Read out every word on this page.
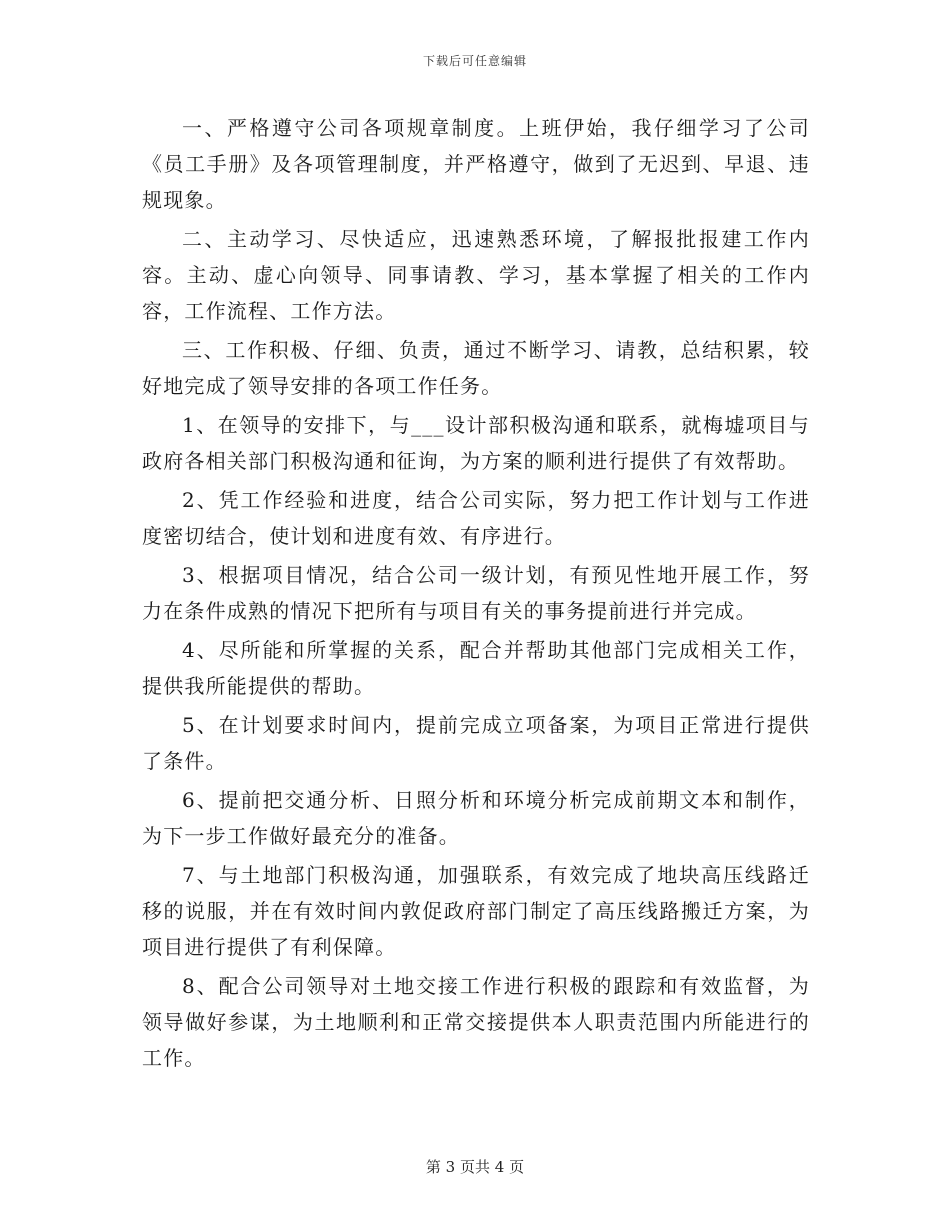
下载后可任意编辑

一、严格遵守公司各项规章制度。上班伊始，我仔细学习了公司《员工手册》及各项管理制度，并严格遵守，做到了无迟到、早退、违规现象。

二、主动学习、尽快适应，迅速熟悉环境，了解报批报建工作内容。主动、虚心向领导、同事请教、学习，基本掌握了相关的工作内容，工作流程、工作方法。

三、工作积极、仔细、负责，通过不断学习、请教，总结积累，较好地完成了领导安排的各项工作任务。

1、在领导的安排下，与___设计部积极沟通和联系，就梅墟项目与政府各相关部门积极沟通和征询，为方案的顺利进行提供了有效帮助。

2、凭工作经验和进度，结合公司实际，努力把工作计划与工作进度密切结合，使计划和进度有效、有序进行。

3、根据项目情况，结合公司一级计划，有预见性地开展工作，努力在条件成熟的情况下把所有与项目有关的事务提前进行并完成。

4、尽所能和所掌握的关系，配合并帮助其他部门完成相关工作，提供我所能提供的帮助。

5、在计划要求时间内，提前完成立项备案，为项目正常进行提供了条件。

6、提前把交通分析、日照分析和环境分析完成前期文本和制作，为下一步工作做好最充分的准备。

7、与土地部门积极沟通，加强联系，有效完成了地块高压线路迁移的说服，并在有效时间内敦促政府部门制定了高压线路搬迁方案，为项目进行提供了有利保障。

8、配合公司领导对土地交接工作进行积极的跟踪和有效监督，为领导做好参谋，为土地顺利和正常交接提供本人职责范围内所能进行的工作。

第 3 页共 4 页
